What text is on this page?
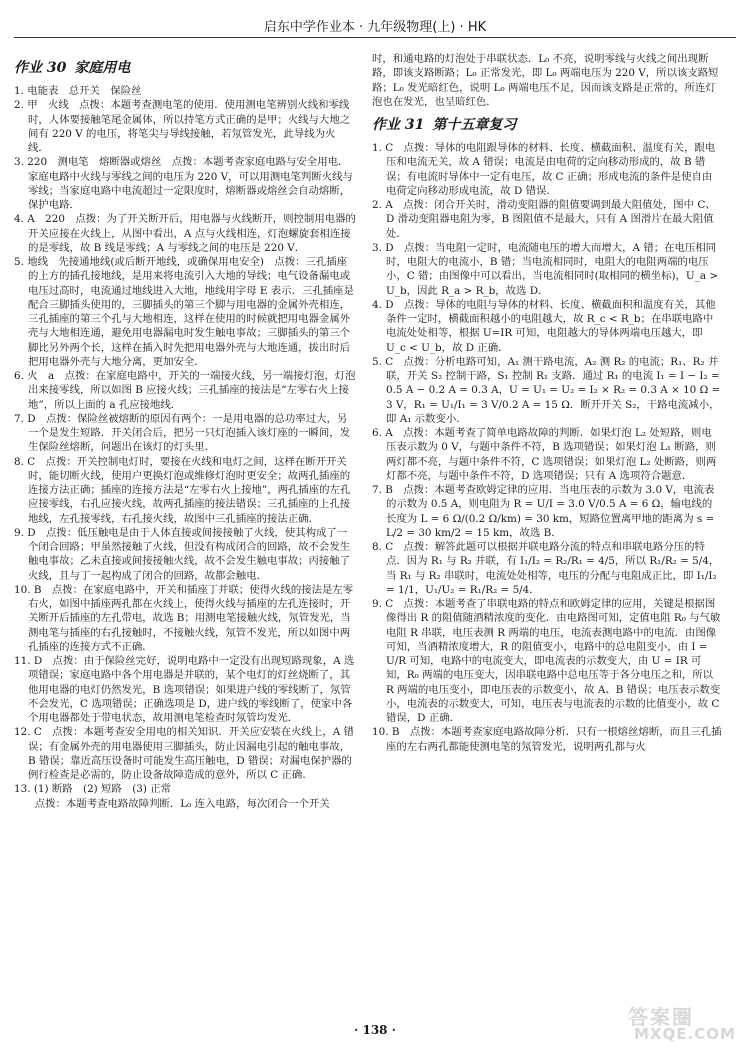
启东中学作业本 · 九年级物理(上) · HK
作业 30 家庭用电
1. 电能表　总开关　保险丝
2. 甲　火线　点拨：本题考查测电笔的使用．使用测电笔辨别火线和零线时，人体要接触笔尾金属体，所以持笔方式正确的是甲；火线与大地之间有 220 V 的电压，将笔尖与导线接触，若氖管发光，此导线为火线．
3. 220　测电笔　熔断器或熔丝　点拨：本题考查家庭电路与安全用电．家庭电路中火线与零线之间的电压为 220 V，可以用测电笔判断火线与零线；当家庭电路中电流超过一定限度时，熔断器或熔丝会自动熔断，保护电路．
4. A　220　点拨：为了开关断开后，用电器与火线断开，则控制用电器的开关应接在火线上，从图中看出，A 点与火线相连，灯泡螺旋套相连接的是零线，故 B 线是零线；A 与零线之间的电压是 220 V．
5. 地线　先接通地线(或后断开地线，或确保用电安全)　点拨：三孔插座的上方的插孔接地线，是用来将电流引入大地的导线；电气设备漏电或电压过高时，电流通过地线进入大地，地线用字母 E 表示．三孔插座是配合三脚插头使用的，三脚插头的第三个脚与用电器的金属外壳相连，三孔插座的第三个孔与大地相连，这样在使用的时候就把用电器金属外壳与大地相连通，避免用电器漏电时发生触电事故；三脚插头的第三个脚比另外两个长，这样在插入时先把用电器外壳与大地连通，拔出时后把用电器外壳与大地分离，更加安全．
6. 火　a　点拨：在家庭电路中，开关的一端接火线，另一端接灯泡，灯泡出来接零线，所以如图 B 应接火线；三孔插座的接法是“左零右火上接地”，所以上面的 a 孔应接地线．
7. D　点拨：保险丝被熔断的原因有两个：一是用电器的总功率过大，另一个是发生短路．开关闭合后，把另一只灯泡插入该灯座的一瞬间，发生保险丝熔断，问题出在该灯的灯头里．
8. C　点拨：开关控制电灯时，要接在火线和电灯之间，这样在断开开关时，能切断火线，使用户更换灯泡或维修灯泡时更安全；故两孔插座的连接方法正确；插座的连接方法是“左零右火上接地”，两孔插座的左孔应接零线，右孔应接火线，故两孔插座的接法错误；三孔插座的上孔接地线，左孔接零线，右孔接火线，故图中三孔插座的接法正确．
9. D　点拨：低压触电是由于人体直接或间接接触了火线，使其构成了一个闭合回路；甲虽然接触了火线，但没有构成闭合的回路，故不会发生触电事故；乙未直接或间接接触火线，故不会发生触电事故；丙接触了火线，且与丁一起构成了闭合的回路，故都会触电．
10. B　点拨：在家庭电路中，开关和插座丁并联；使得火线的接法是左零右火，如图中插座两孔都在火线上，使得火线与插座的左孔连接时，开关断开后插座的左孔带电，故选 B；用测电笔接触火线，氖管发光，当测电笔与插座的右孔接触时，不接触火线，氖管不发光，所以如图中两孔插座的连接方式不正确．
11. D　点拨：由于保险丝完好，说明电路中一定没有出现短路现象，A 选项错误；家庭电路中各个用电器是并联的，某个电灯的灯丝烧断了，其他用电器的电灯仍然发光，B 选项错误；如果进户线的零线断了，氖管不会发光，C 选项错误；正确选项是 D，进户线的零线断了，使家中各个用电器都处于带电状态，故用测电笔检查时氖管均发光．
12. C　点拨：本题考查安全用电的相关知识．开关应安装在火线上，A 错误；有金属外壳的用电器使用三脚插头，防止因漏电引起的触电事故，B 错误；靠近高压设备时可能发生高压触电，D 错误；对漏电保护器的例行检查是必需的，防止设备故障造成的意外，所以 C 正确．
13. (1) 断路　(2) 短路　(3) 正常
　　点拨：本题考查电路故障判断．L₀ 连入电路，每次闭合一个开关
时，和通电路的灯泡处于串联状态．L₀ 不亮，说明零线与火线之间出现断路，即该支路断路；L₀ 正常发光，即 L₀ 两端电压为 220 V，所以该支路短路；L₀ 发光暗红色，说明 L₀ 两端电压不足，因而该支路是正常的，所连灯泡也在发光，也呈暗红色．
作业 31 第十五章复习
1. C　点拨：导体的电阻跟导体的材料、长度、横截面积、温度有关，跟电压和电流无关，故 A 错误；电流是由电荷的定向移动形成的，故 B 错误；有电流时导体中一定有电压，故 C 正确；形成电流的条件是使自由电荷定向移动形成电流，故 D 错误．
2. A　点拨：闭合开关时，滑动变阻器的阻值要调到最大阻值处，图中 C、D 滑动变阻器电阻为零，B 图阻值不是最大，只有 A 图滑片在最大阻值处．
3. D　点拨：当电阻一定时，电流随电压的增大而增大，A 错；在电压相同时，电阻大的电流小，B 错；当电流相同时，电阻大的电阻两端的电压小，C 错；由图像中可以看出，当电流相同时(取相同的横坐标)，U_a > U_b，因此 R_a > R_b，故选 D．
4. D　点拨：导体的电阻与导体的材料、长度、横截面积和温度有关，其他条件一定时，横截面积越小的电阻越大，故 R_c < R_b；在串联电路中电流处处相等，根据 U=IR 可知，电阻越大的导体两端电压越大，即 U_c < U_b，故 D 正确．
5. C　点拨：分析电路可知，A₁ 测干路电流，A₂ 测 R₂ 的电流；R₁、R₂ 并联，开关 S₂ 控制干路，S₁ 控制 R₁ 支路．通过 R₁ 的电流 I₁ = I − I₂ = 0.5 A − 0.2 A = 0.3 A，U = U₁ = U₂ = I₂ × R₂ = 0.3 A × 10 Ω = 3 V，R₁ = U₁/I₁ = 3 V/0.2 A = 15 Ω．断开开关 S₂，干路电流减小，即 A₁ 示数变小．
6. A　点拨：本题考查了简单电路故障的判断．如果灯泡 L₂ 处短路，则电压表示数为 0 V，与题中条件不符，B 选项错误；如果灯泡 L₁ 断路，则两灯都不亮，与题中条件不符，C 选项错误；如果灯泡 L₂ 处断路，则两灯都不亮，与题中条件不符，D 选项错误；只有 A 选项符合题意．
7. B　点拨：本题考查欧姆定律的应用．当电压表的示数为 3.0 V，电流表的示数为 0.5 A，则电阻为 R = U/I = 3.0 V/0.5 A = 6 Ω，输电线的长度为 L = 6 Ω/(0.2 Ω/km) = 30 km，短路位置离甲地的距离为 s = L/2 = 30 km/2 = 15 km，故选 B．
8. C　点拨：解答此题可以根据并联电路分流的特点和串联电路分压的特点．因为 R₁ 与 R₂ 并联，有 I₁/I₂ = R₂/R₁ = 4/5，所以 R₁/R₂ = 5/4，当 R₁ 与 R₂ 串联时，电流处处相等，电压的分配与电阻成正比，即 I₁/I₂ = 1/1，U₁/U₂ = R₁/R₂ = 5/4．
9. C　点拨：本题考查了串联电路的特点和欧姆定律的应用，关键是根据图像得出 R 的阻值随酒精浓度的变化．由电路图可知，定值电阻 R₀ 与气敏电阻 R 串联，电压表测 R 两端的电压，电流表测电路中的电流．由图像可知，当酒精浓度增大，R 的阻值变小，电路中的总电阻变小，由 I = U/R 可知，电路中的电流变大，即电流表的示数变大，由 U = IR 可知，R₀ 两端的电压变大，因串联电路中总电压等于各分电压之和，所以 R 两端的电压变小，即电压表的示数变小，故 A、B 错误；电压表示数变小，电流表的示数变大，可知，电压表与电流表的示数的比值变小，故 C 错误，D 正确．
10. B　点拨：本题考查家庭电路故障分析．只有一根熔丝熔断，而且三孔插座的左右两孔都能使测电笔的氖管发光，说明两孔都与火
· 138 ·
答案圈
MXQE.COM
